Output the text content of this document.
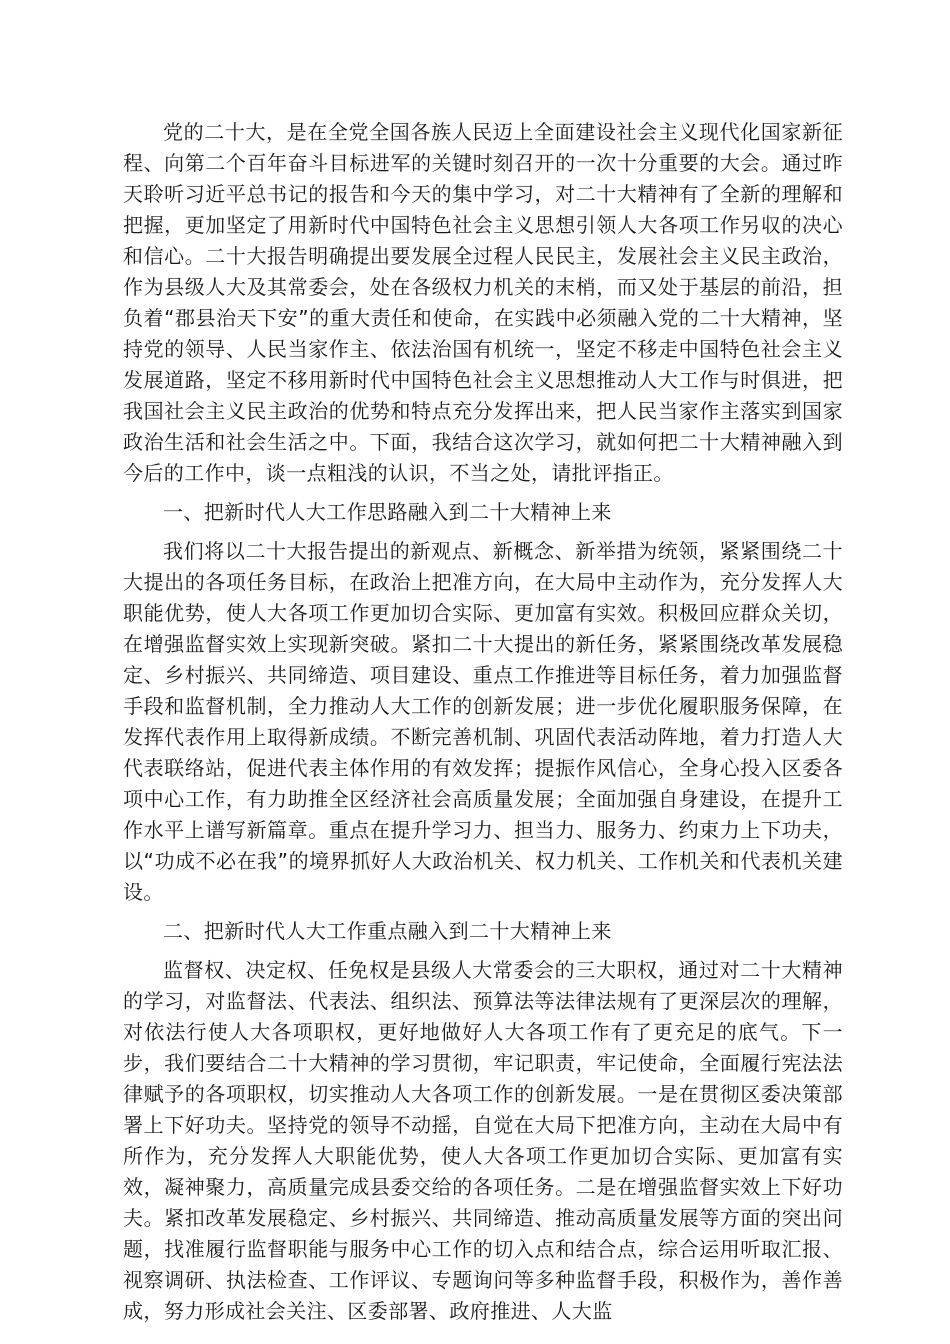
党的二十大，是在全党全国各族人民迈上全面建设社会主义现代化国家新征程、向第二个百年奋斗目标进军的关键时刻召开的一次十分重要的大会。通过昨天聆听习近平总书记的报告和今天的集中学习，对二十大精神有了全新的理解和把握，更加坚定了用新时代中国特色社会主义思想引领人大各项工作另収的决心和信心。二十大报告明确提出要发展全过程人民民主，发展社会主义民主政治，作为县级人大及其常委会，处在各级权力机关的末梢，而又处于基层的前沿，担负着“郡县治天下安”的重大责任和使命，在实践中必须融入党的二十大精神，坚持党的领导、人民当家作主、依法治国有机统一，坚定不移走中国特色社会主义发展道路，坚定不移用新时代中国特色社会主义思想推动人大工作与时俱进，把我国社会主义民主政治的优势和特点充分发挥出来，把人民当家作主落实到国家政治生活和社会生活之中。下面，我结合这次学习，就如何把二十大精神融入到今后的工作中，谈一点粗浅的认识，不当之处，请批评指正。

一、把新时代人大工作思路融入到二十大精神上来

我们将以二十大报告提出的新观点、新概念、新举措为统领，紧紧围绕二十大提出的各项任务目标，在政治上把准方向，在大局中主动作为，充分发挥人大职能优势，使人大各项工作更加切合实际、更加富有实效。积极回应群众关切，在增强监督实效上实现新突破。紧扣二十大提出的新任务，紧紧围绕改革发展稳定、乡村振兴、共同缔造、项目建设、重点工作推进等目标任务，着力加强监督手段和监督机制，全力推动人大工作的创新发展；进一步优化履职服务保障，在发挥代表作用上取得新成绩。不断完善机制、巩固代表活动阵地，着力打造人大代表联络站，促进代表主体作用的有效发挥；提振作风信心，全身心投入区委各项中心工作，有力助推全区经济社会高质量发展；全面加强自身建设，在提升工作水平上谱写新篇章。重点在提升学习力、担当力、服务力、约束力上下功夫，以“功成不必在我”的境界抓好人大政治机关、权力机关、工作机关和代表机关建设。

二、把新时代人大工作重点融入到二十大精神上来

监督权、决定权、任免权是县级人大常委会的三大职权，通过对二十大精神的学习，对监督法、代表法、组织法、预算法等法律法规有了更深层次的理解，对依法行使人大各项职权，更好地做好人大各项工作有了更充足的底气。下一步，我们要结合二十大精神的学习贯彻，牢记职责，牢记使命，全面履行宪法法律赋予的各项职权，切实推动人大各项工作的创新发展。一是在贯彻区委决策部署上下好功夫。坚持党的领导不动摇，自觉在大局下把准方向，主动在大局中有所作为，充分发挥人大职能优势，使人大各项工作更加切合实际、更加富有实效，凝神聚力，高质量完成县委交给的各项任务。二是在增强监督实效上下好功夫。紧扣改革发展稳定、乡村振兴、共同缔造、推动高质量发展等方面的突出问题，找准履行监督职能与服务中心工作的切入点和结合点，综合运用听取汇报、视察调研、执法检查、工作评议、专题询问等多种监督手段，积极作为，善作善成，努力形成社会关注、区委部署、政府推进、人大监
